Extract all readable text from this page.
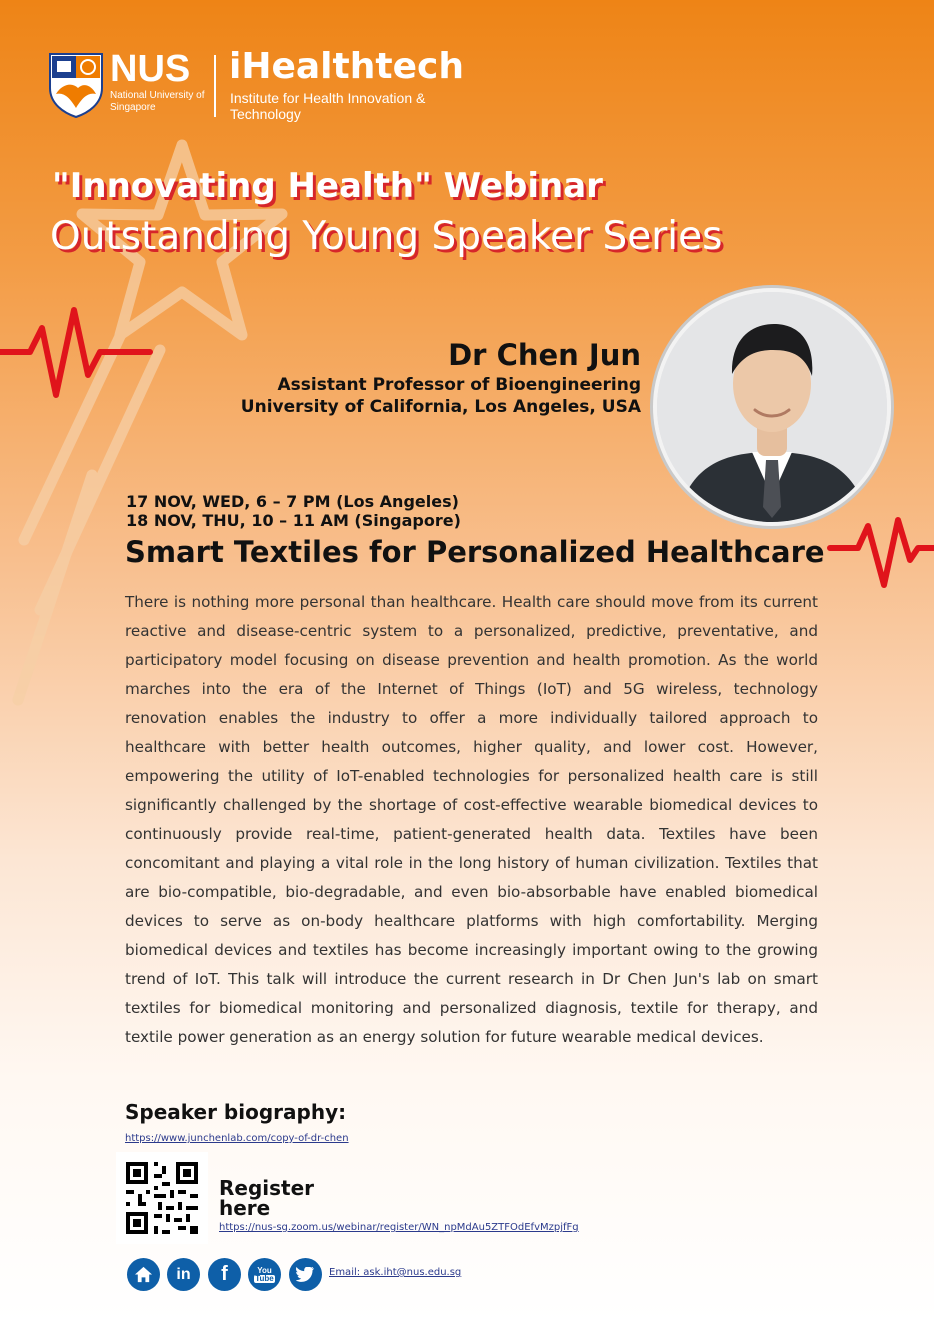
NUS
National University of Singapore
iHealthtech
Institute for Health Innovation & Technology
"Innovating Health" Webinar
Outstanding Young Speaker Series
Dr Chen Jun
Assistant Professor of Bioengineering
University of California, Los Angeles, USA
17 NOV, WED, 6 – 7 PM (Los Angeles)
18 NOV, THU, 10 – 11 AM (Singapore)
Smart Textiles for Personalized Healthcare
There is nothing more personal than healthcare. Health care should move from its current reactive and disease-centric system to a personalized, predictive, preventative, and participatory model focusing on disease prevention and health promotion. As the world marches into the era of the Internet of Things (IoT) and 5G wireless, technology renovation enables the industry to offer a more individually tailored approach to healthcare with better health outcomes, higher quality, and lower cost. However, empowering the utility of IoT-enabled technologies for personalized health care is still significantly challenged by the shortage of cost-effective wearable biomedical devices to continuously provide real-time, patient-generated health data. Textiles have been concomitant and playing a vital role in the long history of human civilization. Textiles that are bio-compatible, bio-degradable, and even bio-absorbable have enabled biomedical devices to serve as on-body healthcare platforms with high comfortability. Merging biomedical devices and textiles has become increasingly important owing to the growing trend of IoT. This talk will introduce the current research in Dr Chen Jun's lab on smart textiles for biomedical monitoring and personalized diagnosis, textile for therapy, and textile power generation as an energy solution for future wearable medical devices.
Speaker biography:
https://www.junchenlab.com/copy-of-dr-chen
Register
here
https://nus-sg.zoom.us/webinar/register/WN_npMdAu5ZTFOdEfvMzpjfFg
in f	You
Tube	Email: ask.iht@nus.edu.sg
